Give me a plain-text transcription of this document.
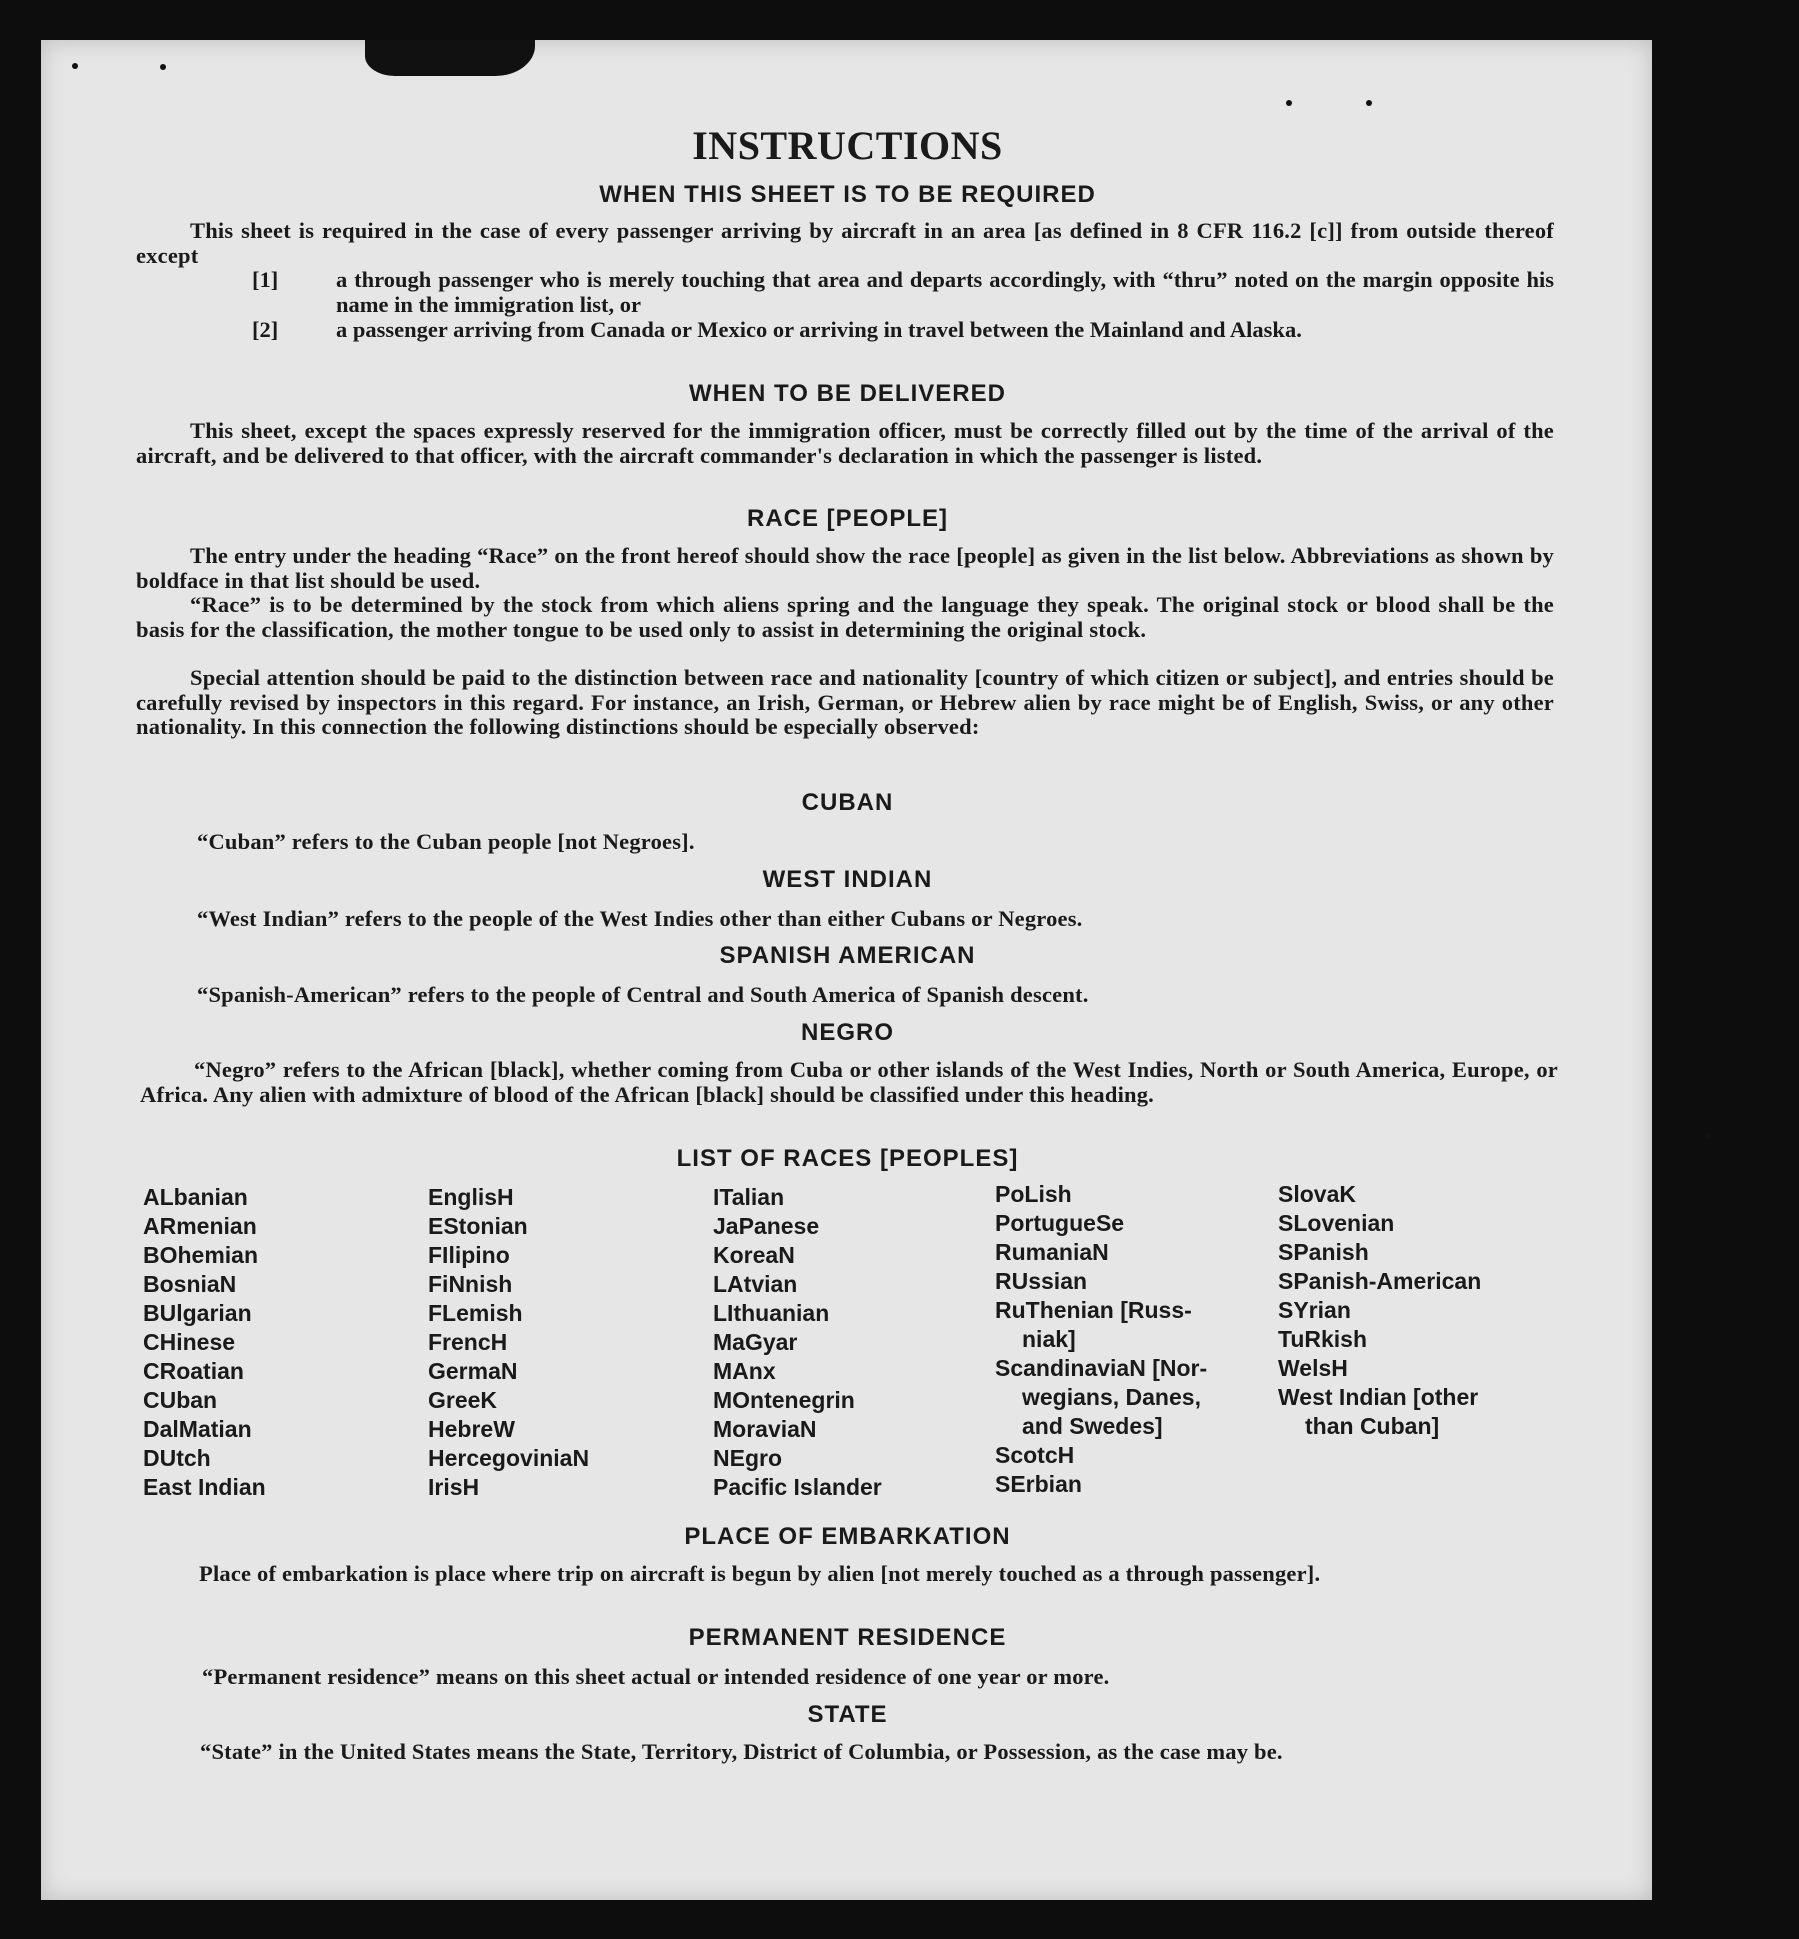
INSTRUCTIONS
WHEN THIS SHEET IS TO BE REQUIRED
This sheet is required in the case of every passenger arriving by aircraft in an area [as defined in 8 CFR 116.2 [c]] from outside thereof except
[1]	a through passenger who is merely touching that area and departs accordingly, with “thru” noted on the margin opposite his name in the immigration list, or
[2]	a passenger arriving from Canada or Mexico or arriving in travel between the Mainland and Alaska.
WHEN TO BE DELIVERED
This sheet, except the spaces expressly reserved for the immigration officer, must be correctly filled out by the time of the arrival of the aircraft, and be delivered to that officer, with the aircraft commander's declaration in which the passenger is listed.
RACE [PEOPLE]
The entry under the heading “Race” on the front hereof should show the race [people] as given in the list below. Abbreviations as shown by boldface in that list should be used.
“Race” is to be determined by the stock from which aliens spring and the language they speak. The original stock or blood shall be the basis for the classification, the mother tongue to be used only to assist in determining the original stock.
Special attention should be paid to the distinction between race and nationality [country of which citizen or subject], and entries should be carefully revised by inspectors in this regard. For instance, an Irish, German, or Hebrew alien by race might be of English, Swiss, or any other nationality. In this connection the following distinctions should be especially observed:
CUBAN
“Cuban” refers to the Cuban people [not Negroes].
WEST INDIAN
“West Indian” refers to the people of the West Indies other than either Cubans or Negroes.
SPANISH AMERICAN
“Spanish-American” refers to the people of Central and South America of Spanish descent.
NEGRO
“Negro” refers to the African [black], whether coming from Cuba or other islands of the West Indies, North or South America, Europe, or Africa. Any alien with admixture of blood of the African [black] should be classified under this heading.
LIST OF RACES [PEOPLES]
ALbanian
ARmenian
BOhemian
BosniaN
BUlgarian
CHinese
CRoatian
CUban
DalMatian
DUtch
East Indian
EnglisH
EStonian
FIlipino
FiNnish
FLemish
FrencH
GermaN
GreeK
HebreW
HercegoviniaN
IrisH
ITalian
JaPanese
KoreaN
LAtvian
LIthuanian
MaGyar
MAnx
MOntenegrin
MoraviaN
NEgro
Pacific Islander
PoLish
PortugueSe
RumaniaN
RUssian
RuThenian [Russ-
niak]
ScandinaviaN [Nor-
wegians, Danes,
and Swedes]
ScotcH
SErbian
SlovaK
SLovenian
SPanish
SPanish-American
SYrian
TuRkish
WelsH
West Indian [other
than Cuban]
PLACE OF EMBARKATION
Place of embarkation is place where trip on aircraft is begun by alien [not merely touched as a through passenger].
PERMANENT RESIDENCE
“Permanent residence” means on this sheet actual or intended residence of one year or more.
STATE
“State” in the United States means the State, Territory, District of Columbia, or Possession, as the case may be.
